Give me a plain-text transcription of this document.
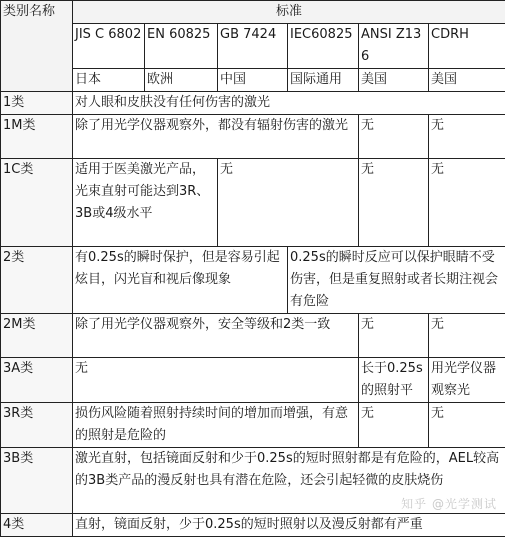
类别名称	标准					
	JIS C 6802	EN 60825	GB 7424	IEC60825	ANSI Z136	CDRH
	日本	欧洲	中国	国际通用	美国	美国
1类	对人眼和皮肤没有任何伤害的激光					
1M类	除了用光学仪器观察外，都没有辐射伤害的激光				无	无
1C类	适用于医美激光产品，光束直射可能达到3R、3B或4级水平		无		无	无
2类	有0.25s的瞬时保护，但是容易引起炫目，闪光盲和视后像现象			0.25s的瞬时反应可以保护眼睛不受伤害，但是重复照射或者长期注视会有危险		
2M类	除了用光学仪器观察外，安全等级和2类一致				无	无
3A类	无				长于0.25s的照射平	用光学仪器观察光
3R类	损伤风险随着照射持续时间的增加而增强，有意的照射是危险的				无	无
3B类	激光直射，包括镜面反射和少于0.25s的短时照射都是有危险的，AEL较高的3B类产品的漫反射也具有潜在危险，还会引起轻微的皮肤烧伤					
4类	直射，镜面反射，少于0.25s的短时照射以及漫反射都有严重					
知乎 @光学测试
